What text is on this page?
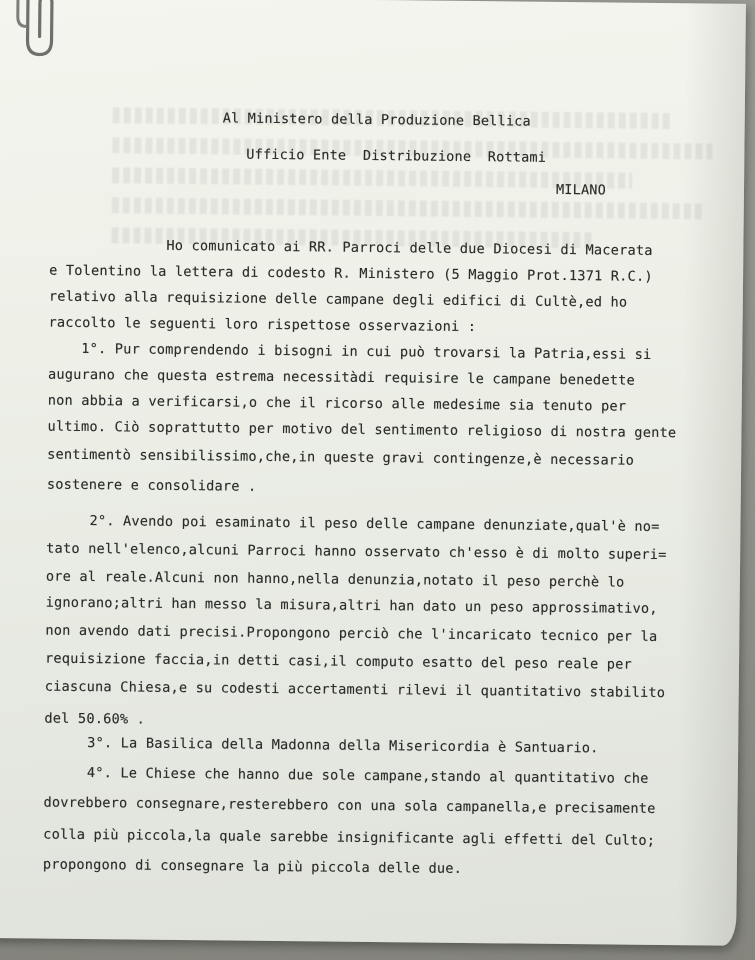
Al Ministero della Produzione Bellica
Ufficio Ente  Distribuzione  Rottami
MILANO
Ho comunicato ai RR. Parroci delle due Diocesi di Macerata
e Tolentino la lettera di codesto R. Ministero (5 Maggio Prot.1371 R.C.)
relativo alla requisizione delle campane degli edifici di Cultè,ed ho
raccolto le seguenti loro rispettose osservazioni :
1°. Pur comprendendo i bisogni in cui può trovarsi la Patria,essi si
augurano che questa estrema necessitàdi requisire le campane benedette
non abbia a verificarsi,o che il ricorso alle medesime sia tenuto per
ultimo. Ciò soprattutto per motivo del sentimento religioso di nostra gente
sentimentò sensibilissimo,che,in queste gravi contingenze,è necessario
sostenere e consolidare .
2°. Avendo poi esaminato il peso delle campane denunziate,qual'è no=
tato nell'elenco,alcuni Parroci hanno osservato ch'esso è di molto superi=
ore al reale.Alcuni non hanno,nella denunzia,notato il peso perchè lo
ignorano;altri han messo la misura,altri han dato un peso approssimativo,
non avendo dati precisi.Propongono perciò che l'incaricato tecnico per la
requisizione faccia,in detti casi,il computo esatto del peso reale per
ciascuna Chiesa,e su codesti accertamenti rilevi il quantitativo stabilito
del 50.60% .
3°. La Basilica della Madonna della Misericordia è Santuario.
4°. Le Chiese che hanno due sole campane,stando al quantitativo che
dovrebbero consegnare,resterebbero con una sola campanella,e precisamente
colla più piccola,la quale sarebbe insignificante agli effetti del Culto;
propongono di consegnare la più piccola delle due.
